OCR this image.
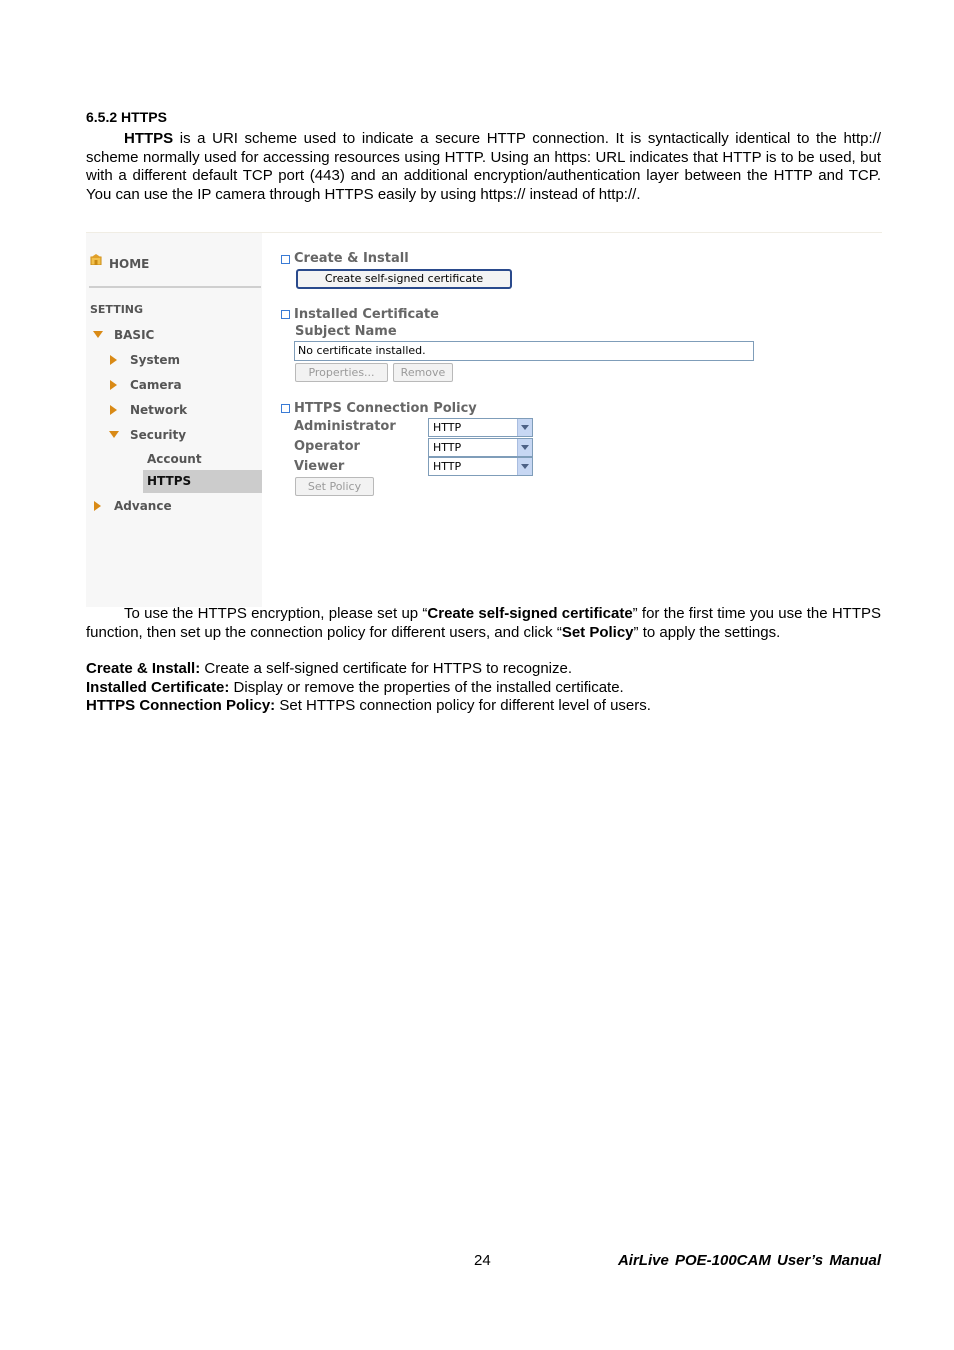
6.5.2 HTTPS
HTTPS is a URI scheme used to indicate a secure HTTP connection. It is syntactically identical to the http:// scheme normally used for accessing resources using HTTP. Using an https: URL indicates that HTTP is to be used, but with a different default TCP port (443) and an additional encryption/authentication layer between the HTTP and TCP. You can use the IP camera through HTTPS easily by using https:// instead of http://.
HOME
SETTING
BASIC
System
Camera
Network
Security
Account
HTTPS
Advance
Create & Install
Create self-signed certificate
Installed Certificate
Subject Name
No certificate installed.
Properties...	Remove
HTTPS Connection Policy
Administrator	HTTP
Operator	HTTP
Viewer	HTTP
Set Policy
To use the HTTPS encryption, please set up “Create self-signed certificate” for the first time you use the HTTPS function, then set up the connection policy for different users, and click “Set Policy” to apply the settings.
Create & Install: Create a self-signed certificate for HTTPS to recognize.
Installed Certificate: Display or remove the properties of the installed certificate.
HTTPS Connection Policy: Set HTTPS connection policy for different level of users.
24	AirLive POE-100CAM User’s Manual
